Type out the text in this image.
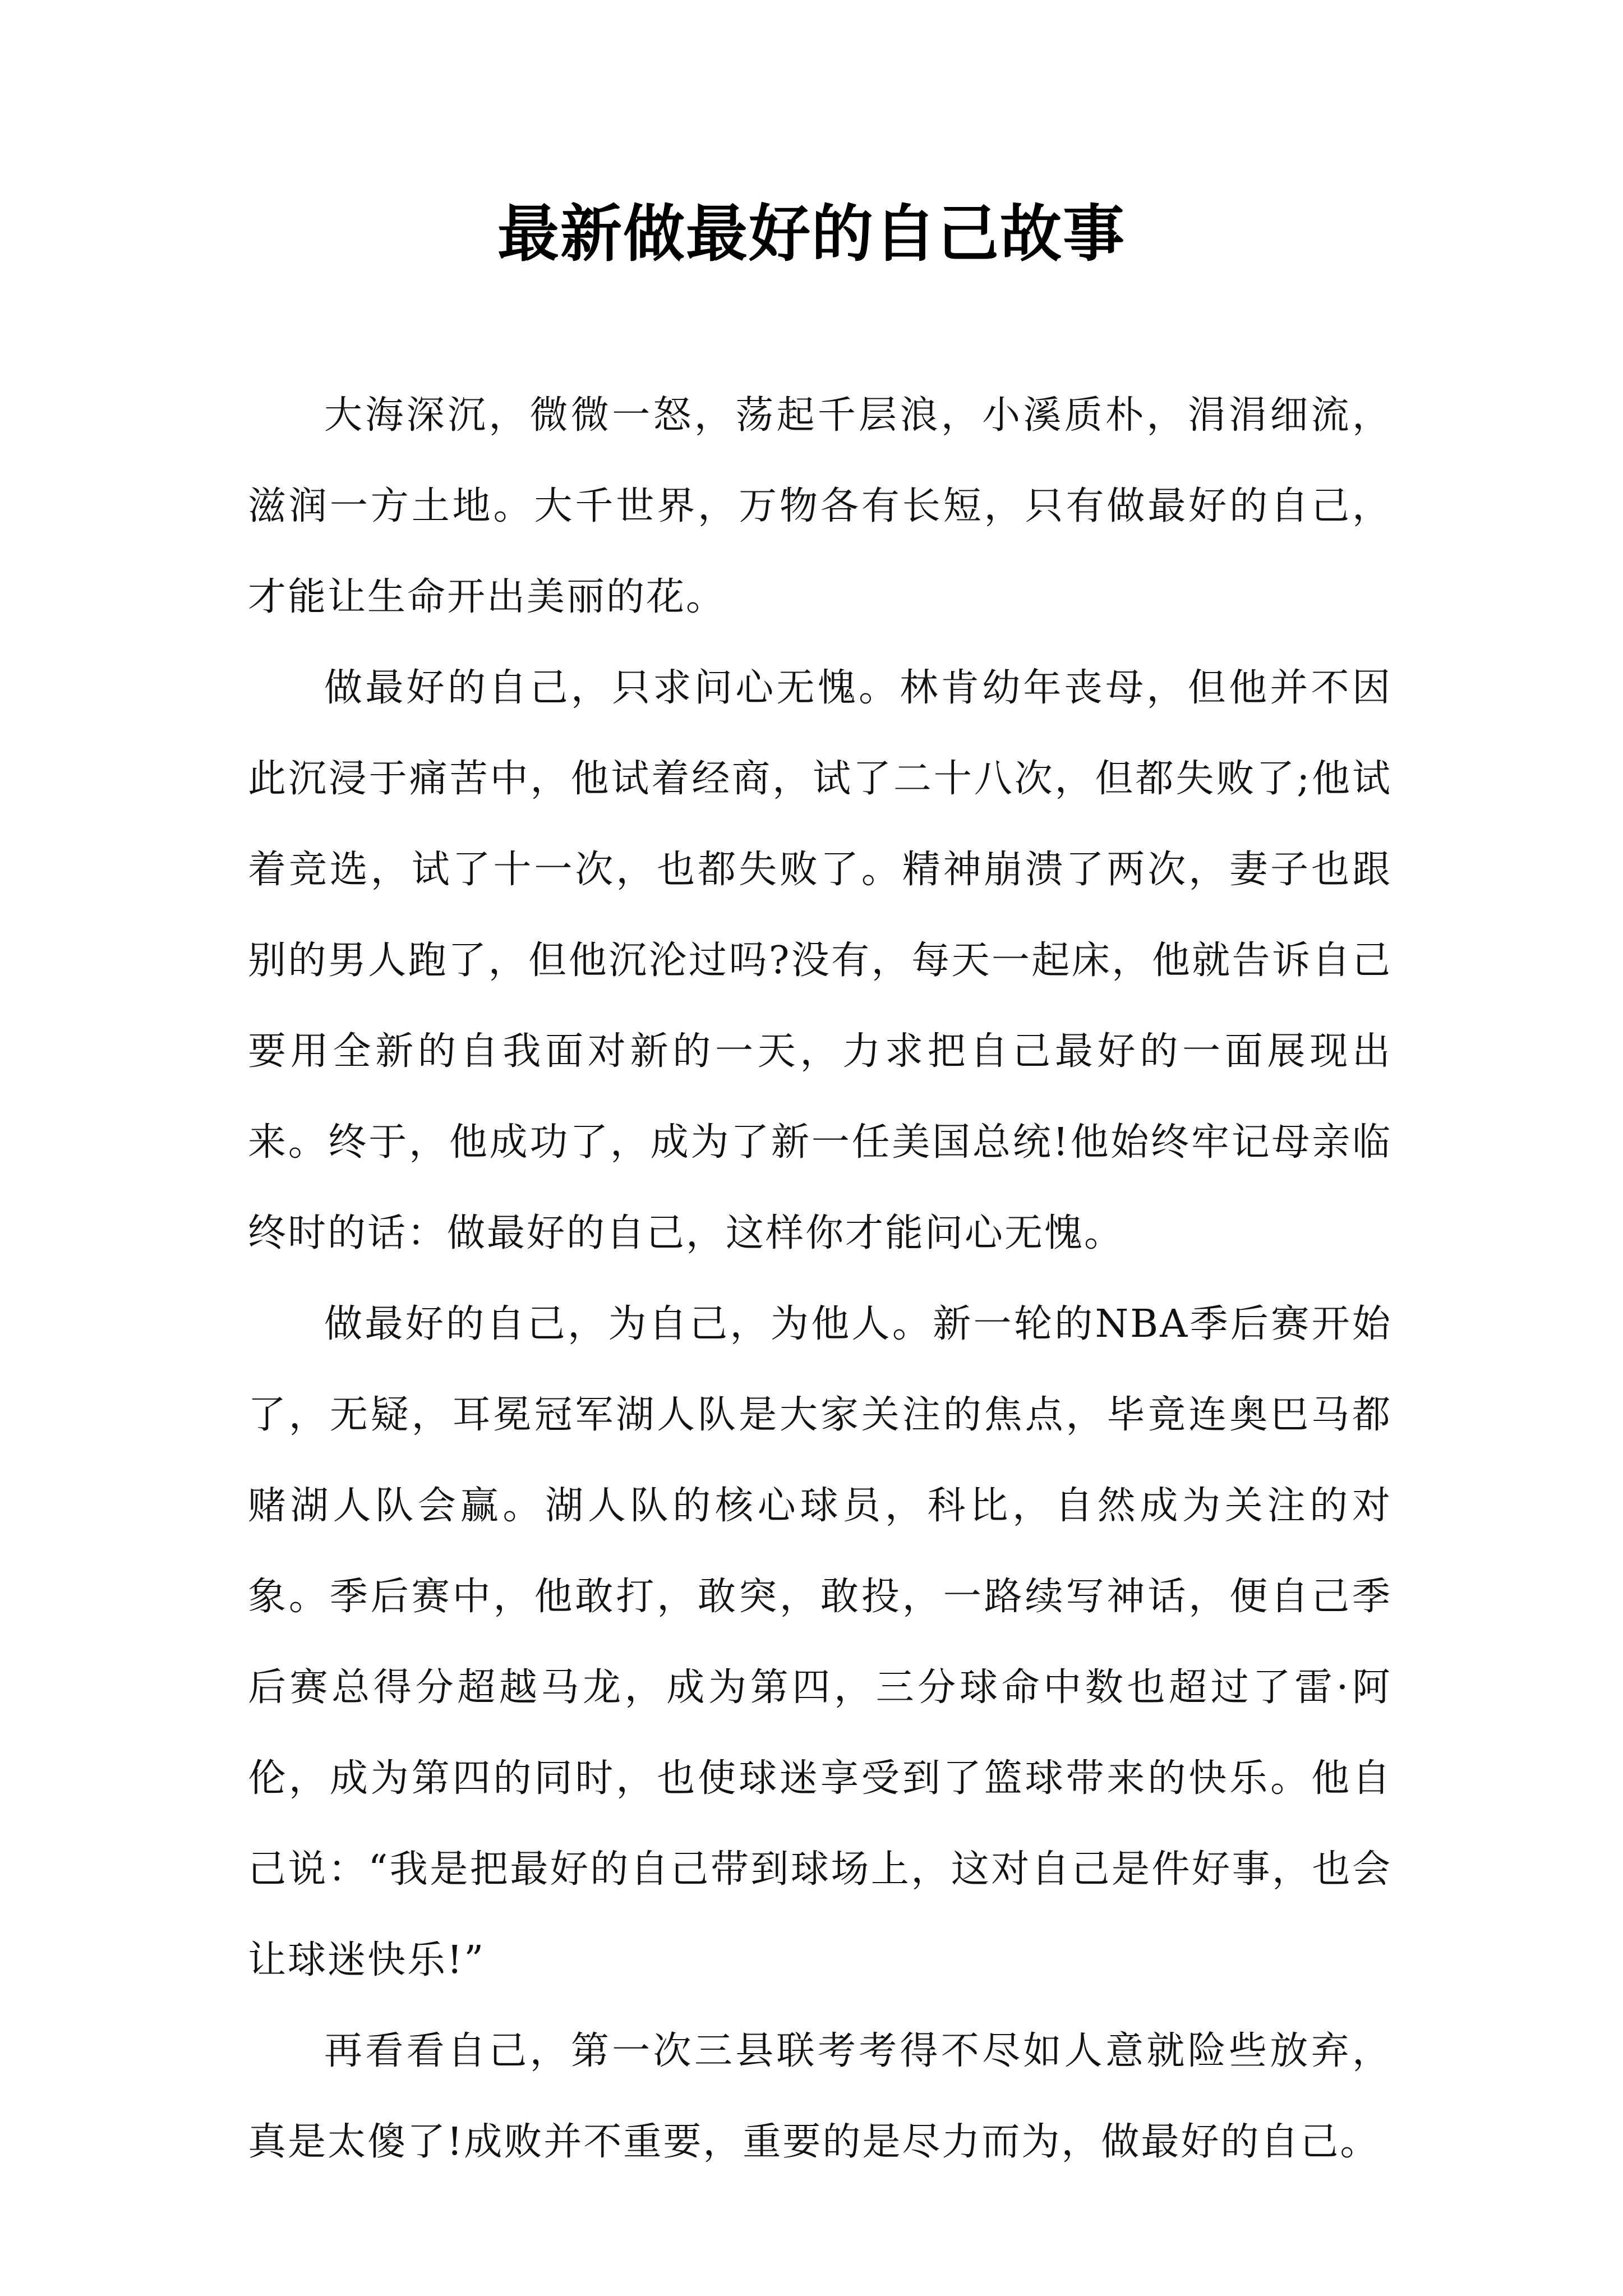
最新做最好的自己故事

大海深沉，微微一怒，荡起千层浪，小溪质朴，涓涓细流，滋润一方土地。大千世界，万物各有长短，只有做最好的自己，才能让生命开出美丽的花。

做最好的自己，只求问心无愧。林肯幼年丧母，但他并不因此沉浸于痛苦中，他试着经商，试了二十八次，但都失败了;他试着竞选，试了十一次，也都失败了。精神崩溃了两次，妻子也跟别的男人跑了，但他沉沦过吗?没有，每天一起床，他就告诉自己要用全新的自我面对新的一天，力求把自己最好的一面展现出来。终于，他成功了，成为了新一任美国总统!他始终牢记母亲临终时的话：做最好的自己，这样你才能问心无愧。

做最好的自己，为自己，为他人。新一轮的NBA季后赛开始了，无疑，耳冕冠军湖人队是大家关注的焦点，毕竟连奥巴马都赌湖人队会赢。湖人队的核心球员，科比，自然成为关注的对象。季后赛中，他敢打，敢突，敢投，一路续写神话，便自己季后赛总得分超越马龙，成为第四，三分球命中数也超过了雷·阿伦，成为第四的同时，也使球迷享受到了篮球带来的快乐。他自己说：“我是把最好的自己带到球场上，这对自己是件好事，也会让球迷快乐!”

再看看自己，第一次三县联考考得不尽如人意就险些放弃，真是太傻了!成败并不重要，重要的是尽力而为，做最好的自己。
